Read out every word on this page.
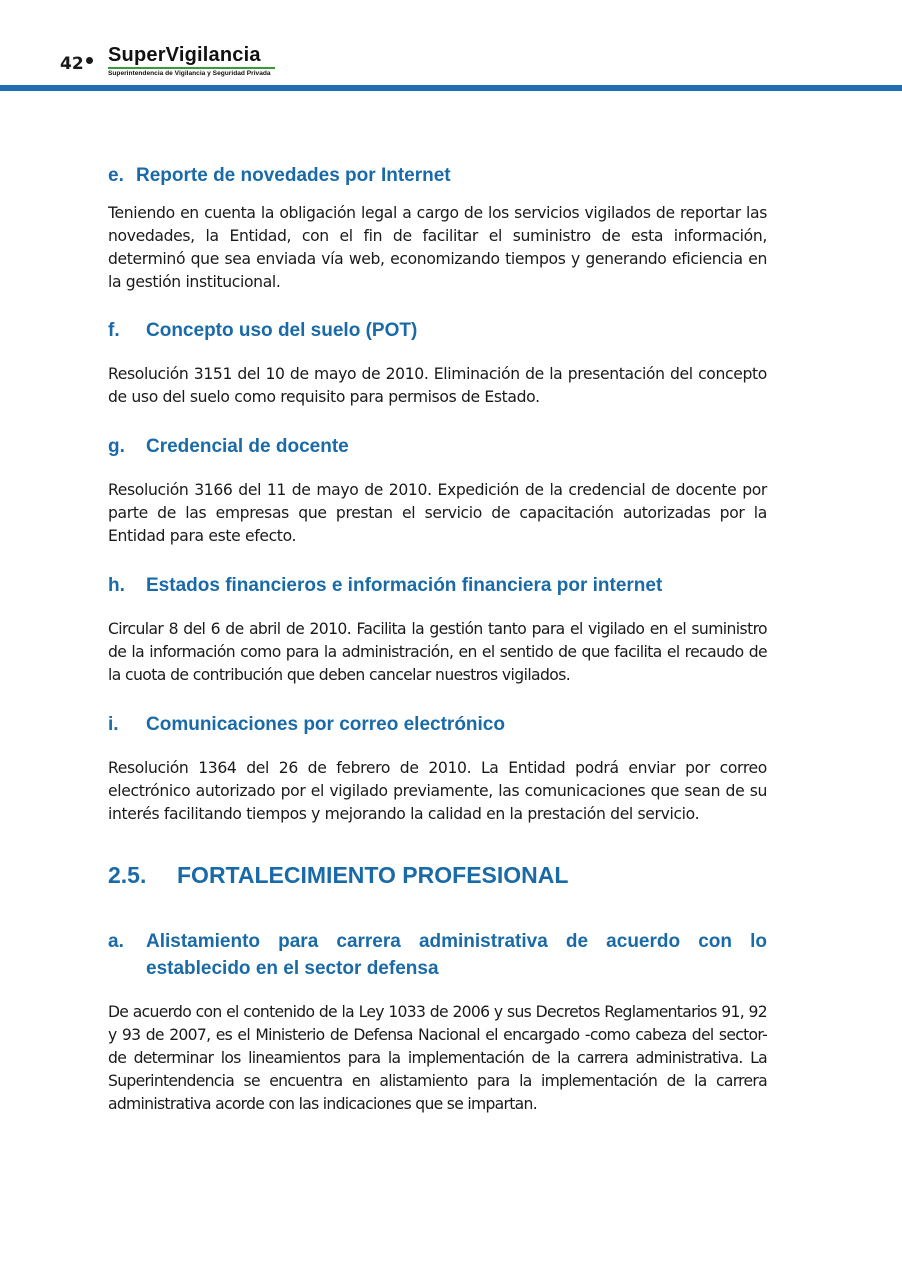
42 SuperVigilancia
Superintendencia de Vigilancia y Seguridad Privada
e. Reporte de novedades por Internet

Teniendo en cuenta la obligación legal a cargo de los servicios vigilados de reportar las novedades, la Entidad, con el fin de facilitar el suministro de esta información, determinó que sea enviada vía web, economizando tiempos y generando eficiencia en la gestión institucional.

f.	Concepto uso del suelo (POT)

Resolución 3151 del 10 de mayo de 2010. Eliminación de la presentación del concepto de uso del suelo como requisito para permisos de Estado.

g.	Credencial de docente

Resolución 3166 del 11 de mayo de 2010. Expedición de la credencial de docente por parte de las empresas que prestan el servicio de capacitación autorizadas por la Entidad para este efecto.

h.	Estados financieros e información financiera por internet

Circular 8 del 6 de abril de 2010. Facilita la gestión tanto para el vigilado en el suministro de la información como para la administración, en el sentido de que facilita el recaudo de la cuota de contribución que deben cancelar nuestros vigilados.

i.	Comunicaciones por correo electrónico

Resolución 1364 del 26 de febrero de 2010. La Entidad podrá enviar por correo electrónico autorizado por el vigilado previamente, las comunicaciones que sean de su interés facilitando tiempos y mejorando la calidad en la prestación del servicio.

2.5.	FORTALECIMIENTO PROFESIONAL
a.	Alistamiento para carrera administrativa de acuerdo con lo establecido en el sector defensa

De acuerdo con el contenido de la Ley 1033 de 2006 y sus Decretos Reglamentarios 91, 92 y 93 de 2007, es el Ministerio de Defensa Nacional el encargado -como cabeza del sector- de determinar los lineamientos para la implementación de la carrera administrativa. La Superintendencia se encuentra en alistamiento para la implementación de la carrera administrativa acorde con las indicaciones que se impartan.
